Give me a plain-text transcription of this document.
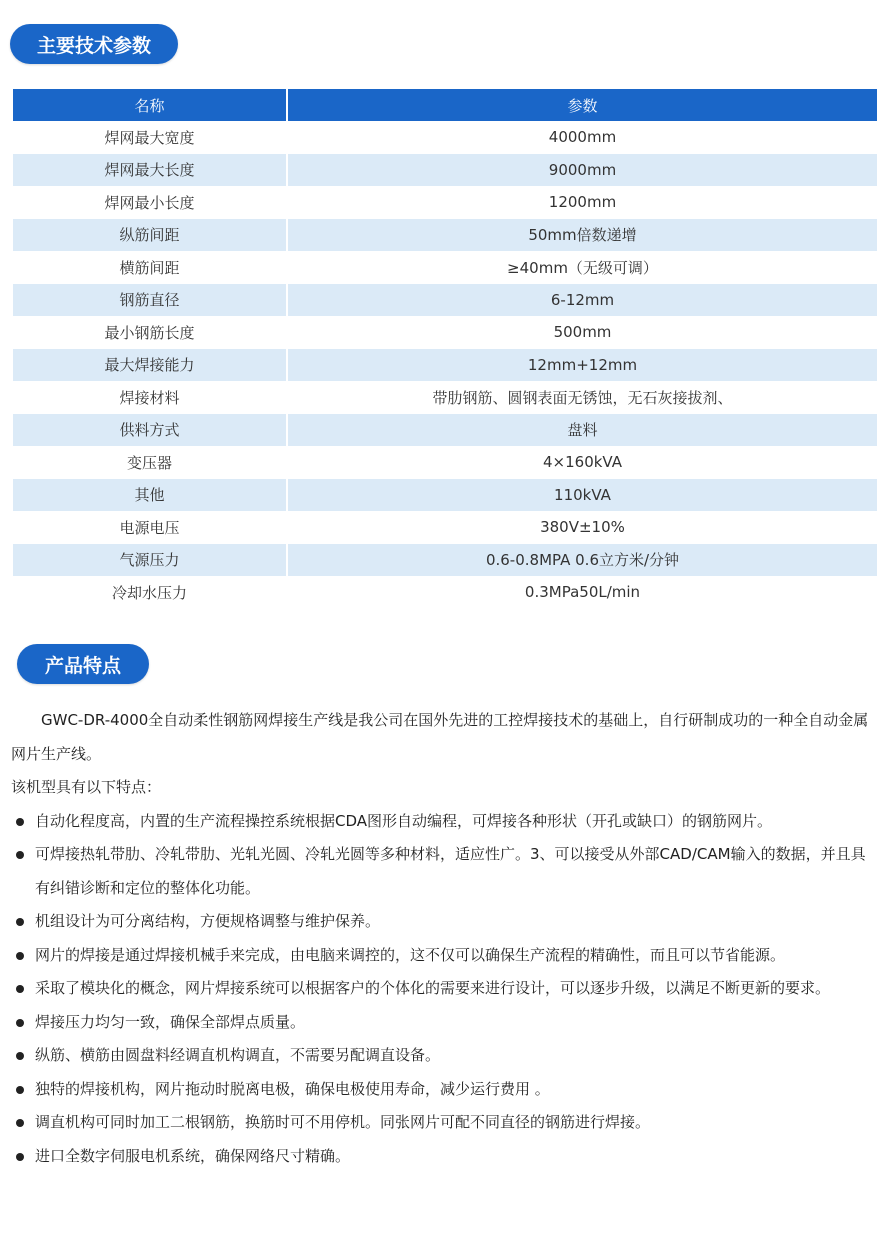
主要技术参数
名称	参数
焊网最大宽度	4000mm
焊网最大长度	9000mm
焊网最小长度	1200mm
纵筋间距	50mm倍数递增
横筋间距	≥40mm（无级可调）
钢筋直径	6-12mm
最小钢筋长度	500mm
最大焊接能力	12mm+12mm
焊接材料	带肋钢筋、圆钢表面无锈蚀，无石灰接拔剂、
供料方式	盘料
变压器	4×160kVA
其他	110kVA
电源电压	380V±10%
气源压力	0.6-0.8MPA 0.6立方米/分钟
冷却水压力	0.3MPa50L/min
产品特点

GWC-DR-4000全自动柔性钢筋网焊接生产线是我公司在国外先进的工控焊接技术的基础上，自行研制成功的一种全自动金属网片生产线。

该机型具有以下特点：

自动化程度高，内置的生产流程操控系统根据CDA图形自动编程，可焊接各种形状（开孔或缺口）的钢筋网片。
可焊接热轧带肋、冷轧带肋、光轧光圆、冷轧光圆等多种材料，适应性广。3、可以接受从外部CAD/CAM输入的数据，并且具有纠错诊断和定位的整体化功能。
机组设计为可分离结构，方便规格调整与维护保养。
网片的焊接是通过焊接机械手来完成，由电脑来调控的，这不仅可以确保生产流程的精确性，而且可以节省能源。
采取了模块化的概念，网片焊接系统可以根据客户的个体化的需要来进行设计，可以逐步升级，以满足不断更新的要求。
焊接压力均匀一致，确保全部焊点质量。
纵筋、横筋由圆盘料经调直机构调直，不需要另配调直设备。
独特的焊接机构，网片拖动时脱离电极，确保电极使用寿命，减少运行费用 。
调直机构可同时加工二根钢筋，换筋时可不用停机。同张网片可配不同直径的钢筋进行焊接。
进口全数字伺服电机系统，确保网络尺寸精确。
